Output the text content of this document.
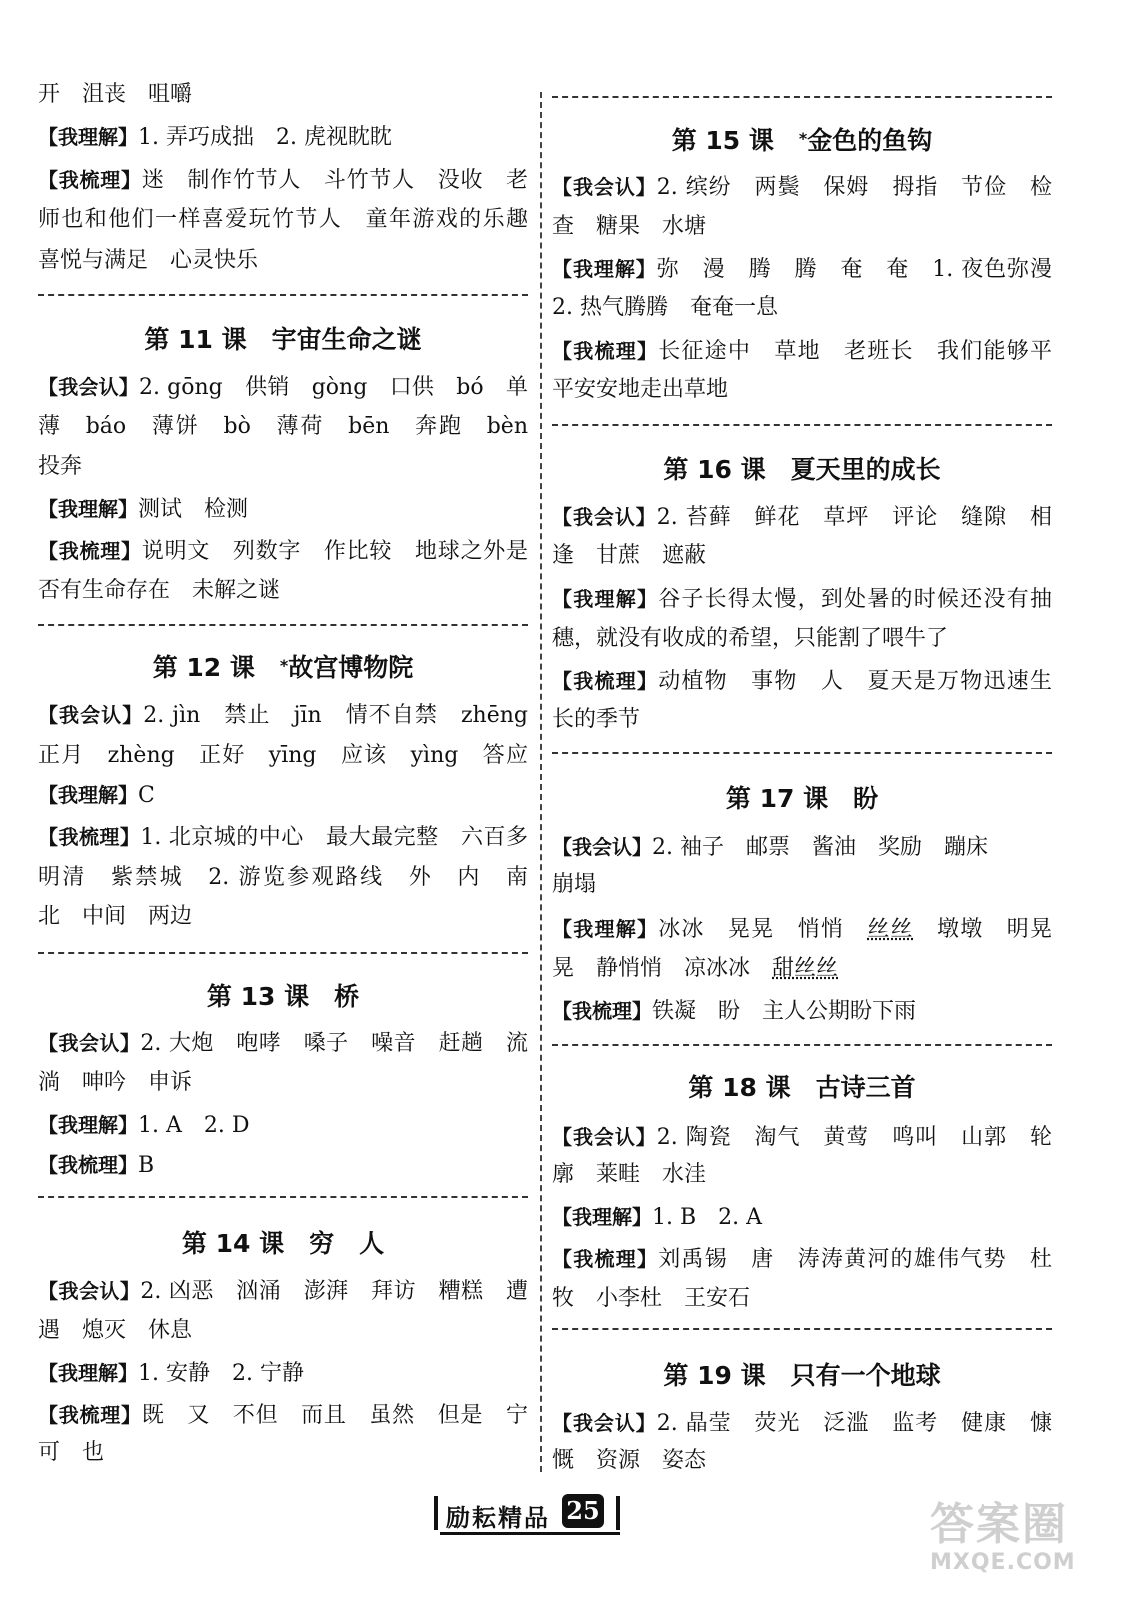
开　沮丧　咀嚼
【我理解】1. 弄巧成拙　2. 虎视眈眈
【我梳理】迷　制作竹节人　斗竹节人　没收　老
师也和他们一样喜爱玩竹节人　童年游戏的乐趣
喜悦与满足　心灵快乐
第 11 课　宇宙生命之谜
【我会认】2. gōng　供销　gòng　口供　bó　单
薄　báo　薄饼　bò　薄荷　bēn　奔跑　bèn
投奔
【我理解】测试　检测
【我梳理】说明文　列数字　作比较　地球之外是
否有生命存在　未解之谜
第 12 课　*故宫博物院
【我会认】2. jìn　禁止　jīn　情不自禁　zhēng
正月　zhèng　正好　yīng　应该　yìng　答应
【我理解】C
【我梳理】1. 北京城的中心　最大最完整　六百多
明清　紫禁城　2. 游览参观路线　外　内　南
北　中间　两边
第 13 课　桥
【我会认】2. 大炮　咆哮　嗓子　噪音　赶趟　流
淌　呻吟　申诉
【我理解】1. A　2. D
【我梳理】B
第 14 课　穷　人
【我会认】2. 凶恶　汹涌　澎湃　拜访　糟糕　遭
遇　熄灭　休息
【我理解】1. 安静　2. 宁静
【我梳理】既　又　不但　而且　虽然　但是　宁
可　也
第 15 课　*金色的鱼钩
【我会认】2. 缤纷　两鬓　保姆　拇指　节俭　检
查　糖果　水塘
【我理解】弥　漫　腾　腾　奄　奄　1. 夜色弥漫
2. 热气腾腾　奄奄一息
【我梳理】长征途中　草地　老班长　我们能够平
平安安地走出草地
第 16 课　夏天里的成长
【我会认】2. 苔藓　鲜花　草坪　评论　缝隙　相
逢　甘蔗　遮蔽
【我理解】谷子长得太慢，到处暑的时候还没有抽
穗，就没有收成的希望，只能割了喂牛了
【我梳理】动植物　事物　人　夏天是万物迅速生
长的季节
第 17 课　盼
【我会认】2. 袖子　邮票　酱油　奖励　蹦床
崩塌
【我理解】冰冰　晃晃　悄悄　丝丝　墩墩　明晃
晃　静悄悄　凉冰冰　甜丝丝
【我梳理】铁凝　盼　主人公期盼下雨
第 18 课　古诗三首
【我会认】2. 陶瓷　淘气　黄莺　鸣叫　山郭　轮
廓　莱畦　水洼
【我理解】1. B　2. A
【我梳理】刘禹锡　唐　涛涛黄河的雄伟气势　杜
牧　小李杜　王安石
第 19 课　只有一个地球
【我会认】2. 晶莹　荧光　泛滥　监考　健康　慷
慨　资源　姿态
励耘精品 25	答案圈
MXQE.COM
